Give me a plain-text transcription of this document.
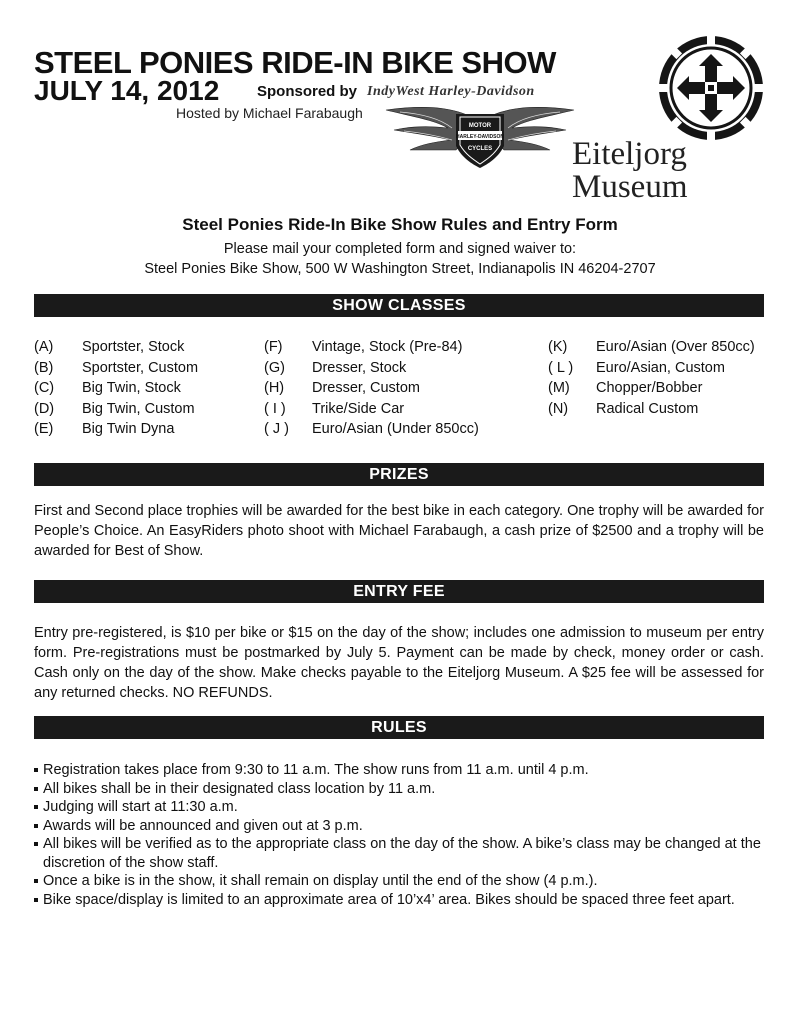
STEEL PONIES RIDE-IN BIKE SHOW
JULY 14, 2012	Sponsored by IndyWest Harley-Davidson
Hosted by Michael Farabaugh
MOTOR
HARLEY-DAVIDSON
CYCLES Eiteljorg
Museum
Steel Ponies Ride-In Bike Show Rules and Entry Form
Please mail your completed form and signed waiver to:
Steel Ponies Bike Show, 500 W Washington Street, Indianapolis IN 46204-2707
SHOW CLASSES
(A) Sportster, Stock
(B) Sportster, Custom
(C) Big Twin, Stock
(D) Big Twin, Custom
(E) Big Twin Dyna
(F) Vintage, Stock (Pre-84)
(G) Dresser, Stock
(H) Dresser, Custom
( I ) Trike/Side Car
( J ) Euro/Asian (Under 850cc)
(K) Euro/Asian (Over 850cc)
( L ) Euro/Asian, Custom
(M) Chopper/Bobber
(N) Radical Custom
PRIZES

First and Second place trophies will be awarded for the best bike in each category. One trophy will be awarded for People’s Choice. An EasyRiders photo shoot with Michael Farabaugh, a cash prize of $2500 and a trophy will be awarded for Best of Show.

ENTRY FEE

Entry pre-registered, is $10 per bike or $15 on the day of the show; includes one admission to museum per entry form. Pre-registrations must be postmarked by July 5. Payment can be made by check, money order or cash. Cash only on the day of the show. Make checks payable to the Eiteljorg Museum. A $25 fee will be assessed for any returned checks. NO REFUNDS.

RULES
Registration takes place from 9:30 to 11 a.m. The show runs from 11 a.m. until 4 p.m.
All bikes shall be in their designated class location by 11 a.m.
Judging will start at 11:30 a.m.
Awards will be announced and given out at 3 p.m.
All bikes will be verified as to the appropriate class on the day of the show. A bike’s class may be changed at the discretion of the show staff.
Once a bike is in the show, it shall remain on display until the end of the show (4 p.m.).
Bike space/display is limited to an approximate area of 10’x4’ area. Bikes should be spaced three feet apart.
